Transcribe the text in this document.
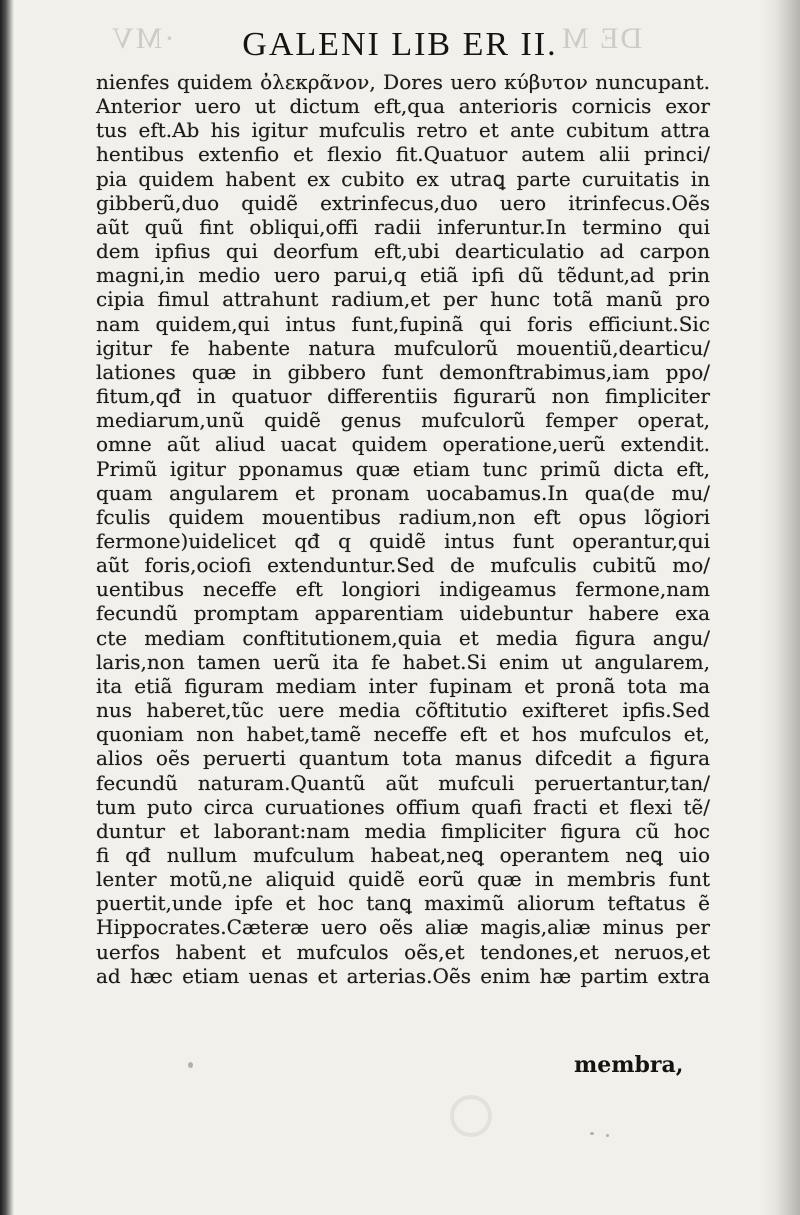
·MV	DE M
GALENI LIB ER II.
nienfes quidem ὀλεκρᾶνον, Dores uero κύβυτον nuncupant.
Anterior uero ut dictum eft,qua anterioris cornicis exor
tus eft.Ab his igitur mufculis retro et ante cubitum attra
hentibus extenfio et flexio fit.Quatuor autem alii princi/
pia quidem habent ex cubito ex utraꝗ parte curuitatis in
gibberũ,duo quidẽ extrinfecus,duo uero itrinfecus.Oẽs
aũt quũ fint obliqui,offi radii inferuntur.In termino qui
dem ipfius qui deorfum eft,ubi dearticulatio ad carpon
magni,in medio uero parui,q etiã ipfi dũ tẽdunt,ad prin
cipia fimul attrahunt radium,et per hunc totã manũ pro
nam quidem,qui intus funt,fupinã qui foris efficiunt.Sic
igitur fe habente natura mufculorũ mouentiũ,dearticu/
lationes quæ in gibbero funt demonftrabimus,iam ppo/
fitum,qđ in quatuor differentiis figurarũ non fimpliciter
mediarum,unũ quidẽ genus mufculorũ femper operat,
omne aũt aliud uacat quidem operatione,uerũ extendit.
Primũ igitur pponamus quæ etiam tunc primũ dicta eft,
quam angularem et pronam uocabamus.In qua(de mu/
fculis quidem mouentibus radium,non eft opus lõgiori
fermone)uidelicet qđ q quidẽ intus funt operantur,qui
aũt foris,ociofi extenduntur.Sed de mufculis cubitũ mo/
uentibus neceffe eft longiori indigeamus fermone,nam
fecundũ promptam apparentiam uidebuntur habere exa
cte mediam conftitutionem,quia et media figura angu/
laris,non tamen uerũ ita fe habet.Si enim ut angularem,
ita etiã figuram mediam inter fupinam et pronã tota ma
nus haberet,tũc uere media cõftitutio exifteret ipfis.Sed
quoniam non habet,tamẽ neceffe eft et hos mufculos et,
alios oẽs peruerti quantum tota manus difcedit a figura
fecundũ naturam.Quantũ aũt mufculi peruertantur,tan/
tum puto circa curuationes offium quafi fracti et flexi tẽ/
duntur et laborant:nam media fimpliciter figura cũ hoc
fi qđ nullum mufculum habeat,neꝗ operantem neꝗ uio
lenter motũ,ne aliquid quidẽ eorũ quæ in membris funt
puertit,unde ipfe et hoc tanꝗ maximũ aliorum teftatus ẽ
Hippocrates.Cæteræ uero oẽs aliæ magis,aliæ minus per
uerfos habent et mufculos oẽs,et tendones,et neruos,et
ad hæc etiam uenas et arterias.Oẽs enim hæ partim extra
membra,
